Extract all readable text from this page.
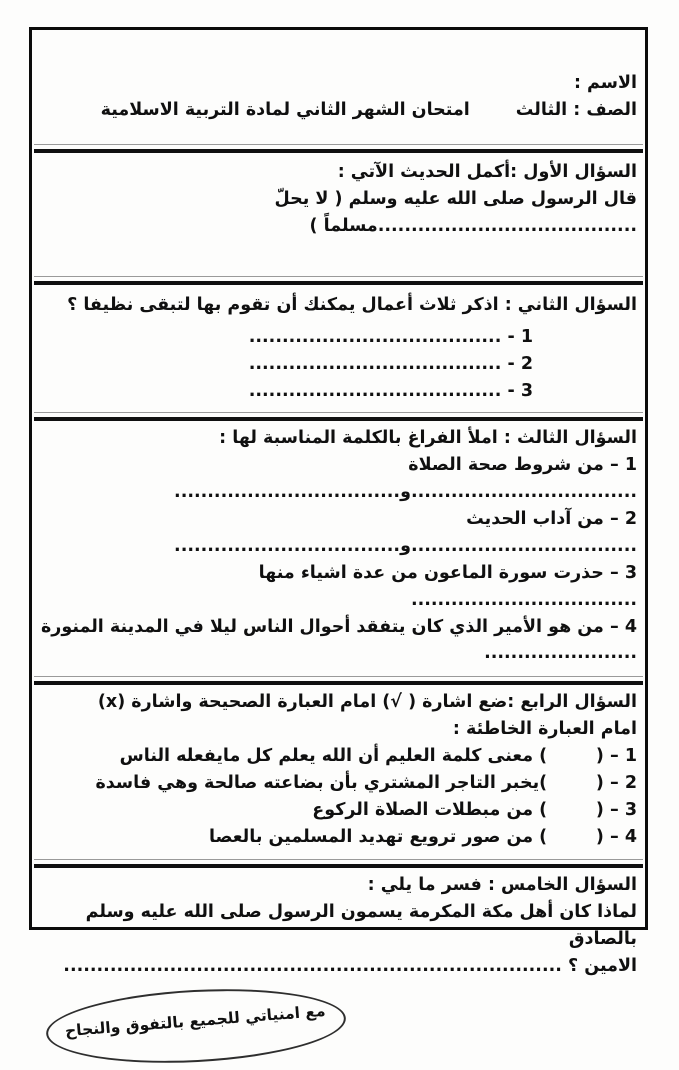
الاسم :
الصف : الثالث
امتحان الشهر الثاني لمادة التربية الاسلامية
السؤال الأول :أكمل الحديث الآتي :
قال الرسول صلى الله عليه وسلم ( لا يحلّ .......................................مسلماً )
السؤال الثاني : اذكر ثلاث أعمال يمكنك أن تقوم بها لتبقى نظيفا ؟
1 - ......................................
2 - ......................................
3 - ......................................
السؤال الثالث : املأ الفراغ بالكلمة المناسبة لها :
1 – من شروط صحة الصلاة ..................................و..................................
2 – من آداب الحديث ..................................و..................................
3 – حذرت سورة الماعون من عدة اشياء منها ..................................
4 – من هو الأمير الذي كان يتفقد أحوال الناس ليلا في المدينة المنورة
.......................
السؤال الرابع :ضع اشارة ( √) امام العبارة الصحيحة واشارة (x)
امام العبارة الخاطئة :
1 – (        ) معنى كلمة العليم أن الله يعلم كل مايفعله الناس
2 – (        )يخبر التاجر المشتري بأن بضاعته صالحة وهي فاسدة
3 – (        ) من مبطلات الصلاة الركوع
4 – (        ) من صور ترويع تهديد المسلمين بالعصا
السؤال الخامس : فسر ما يلي :
لماذا كان أهل مكة المكرمة يسمون الرسول صلى الله عليه وسلم بالصادق
الامين ؟ ...........................................................................
مع امنياتي للجميع بالتفوق والنجاح
